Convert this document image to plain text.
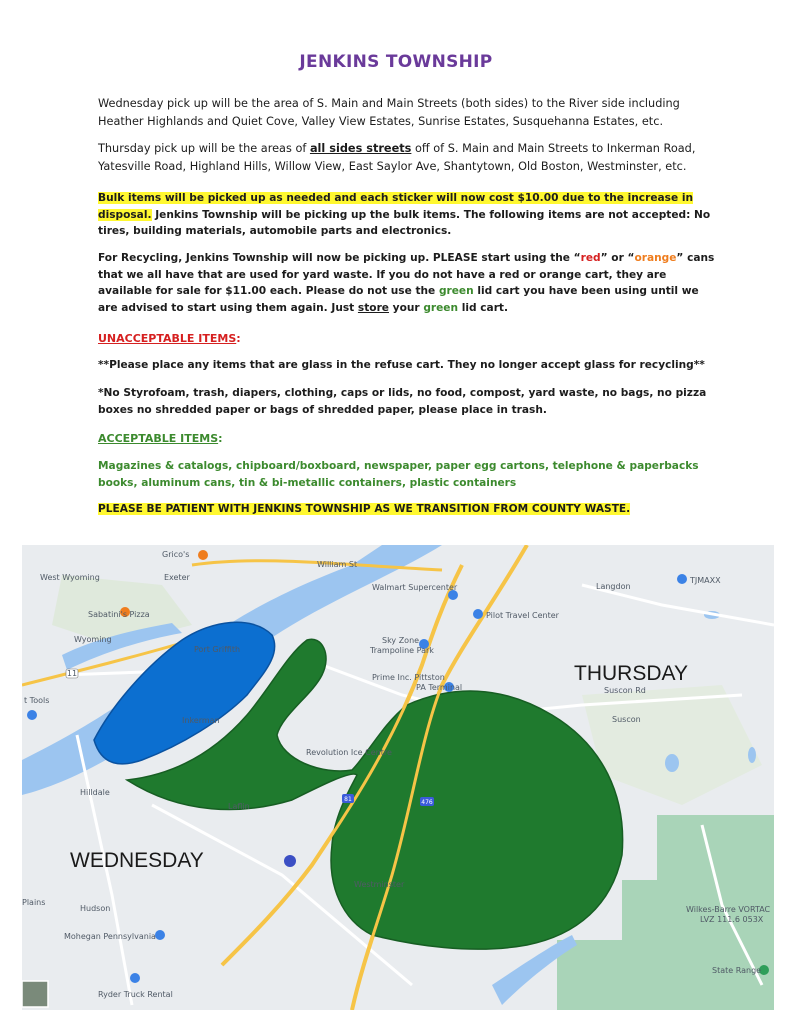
JENKINS TOWNSHIP
Wednesday pick up will be the area of S. Main and Main Streets (both sides) to the River side including Heather Highlands and Quiet Cove, Valley View Estates, Sunrise Estates, Susquehanna Estates, etc.
Thursday pick up will be the areas of all sides streets off of S. Main and Main Streets to Inkerman Road, Yatesville Road, Highland Hills, Willow View, East Saylor Ave, Shantytown, Old Boston, Westminster, etc.
Bulk items will be picked up as needed and each sticker will now cost $10.00 due to the increase in disposal. Jenkins Township will be picking up the bulk items. The following items are not accepted: No tires, building materials, automobile parts and electronics.
For Recycling, Jenkins Township will now be picking up. PLEASE start using the “red” or “orange” cans that we all have that are used for yard waste. If you do not have a red or orange cart, they are available for sale for $11.00 each. Please do not use the green lid cart you have been using until we are advised to start using them again. Just store your green lid cart.
UNACCEPTABLE ITEMS:
**Please place any items that are glass in the refuse cart. They no longer accept glass for recycling**
*No Styrofoam, trash, diapers, clothing, caps or lids, no food, compost, yard waste, no bags, no pizza boxes no shredded paper or bags of shredded paper, please place in trash.
ACCEPTABLE ITEMS:
Magazines & catalogs, chipboard/boxboard, newspaper, paper egg cartons, telephone & paperbacks books, aluminum cans, tin & bi-metallic containers, plastic containers
PLEASE BE PATIENT WITH JENKINS TOWNSHIP AS WE TRANSITION FROM COUNTY WASTE.
11
81	476
Grico's
West Wyoming	Exeter
Sabatini's Pizza
Wyoming
Port Griffith
t Tools
Inkerman
Hilldale
Laflin
Plains
Hudson
Mohegan Pennsylvania
Ryder Truck Rental
Walmart Supercenter
Pilot Travel Center
Sky Zone
Trampoline Park
Prime Inc. Pittston
PA Terminal
Revolution Ice Centre
Westminster
Langdon
TJMAXX
Suscon
Suscon Rd
Wilkes-Barre VORTAC
LVZ 111.6 053X
State Range
William St
WEDNESDAY
THURSDAY
